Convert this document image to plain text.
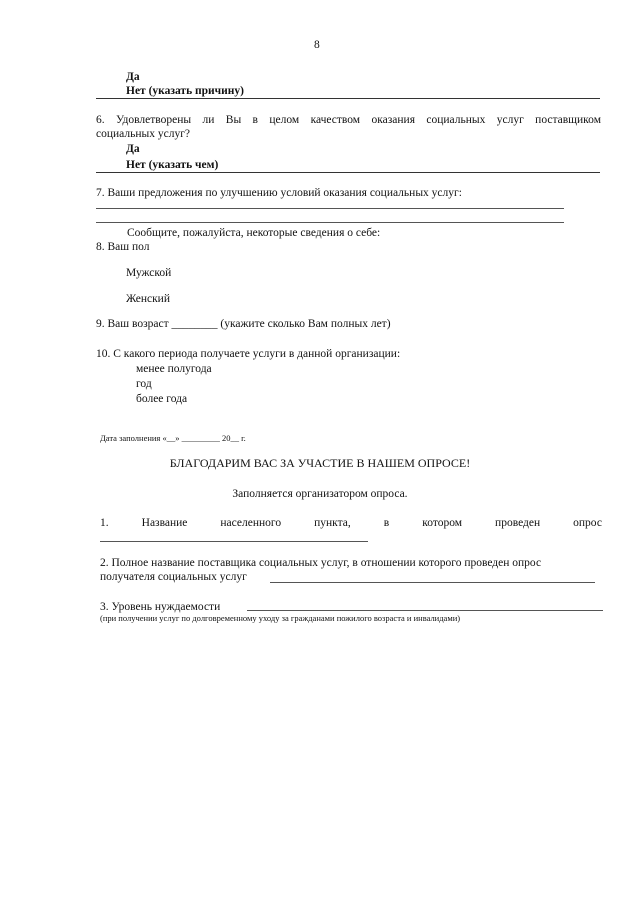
8
Да
Нет (указать причину)
6. Удовлетворены ли Вы в целом качеством оказания социальных услуг поставщиком
социальных услуг?
Да
Нет (указать чем)
7. Ваши предложения по улучшению условий оказания социальных услуг:
Сообщите, пожалуйста, некоторые сведения о себе:
8. Ваш пол
Мужской
Женский
9. Ваш возраст ________ (укажите сколько Вам полных лет)
10. С какого периода получаете услуги в данной организации:
менее полугода
год
более года
Дата заполнения «__» _________ 20__ г.
БЛАГОДАРИМ ВАС ЗА УЧАСТИЕ В НАШЕМ ОПРОСЕ!
Заполняется организатором опроса.
1.	Название	населенного	пункта,	в	котором	проведен	опрос
2. Полное название поставщика социальных услуг, в отношении которого проведен опрос
получателя социальных услуг
3. Уровень нуждаемости
(при получении услуг по долговременному уходу за гражданами пожилого возраста и инвалидами)
